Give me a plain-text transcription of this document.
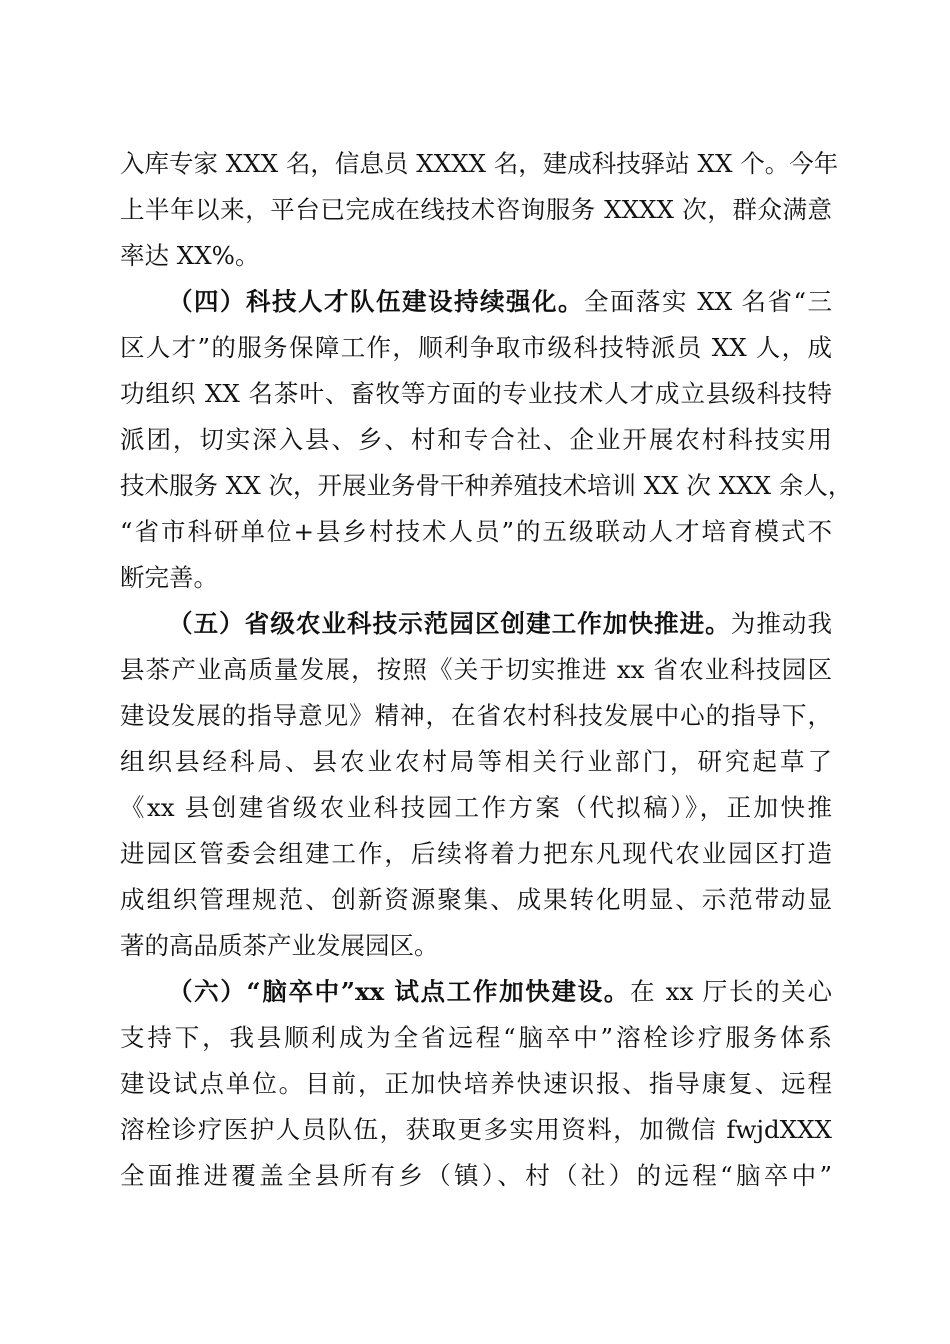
入库专家 XXX 名，信息员 XXXX 名，建成科技驿站 XX 个。今年
上半年以来，平台已完成在线技术咨询服务 XXXX 次，群众满意
率达 XX%。
（四）科技人才队伍建设持续强化。全面落实 XX 名省“三
区人才”的服务保障工作，顺利争取市级科技特派员 XX 人，成
功组织 XX 名茶叶、畜牧等方面的专业技术人才成立县级科技特
派团，切实深入县、乡、村和专合社、企业开展农村科技实用
技术服务 XX 次，开展业务骨干种养殖技术培训 XX 次 XXX 余人，
“省市科研单位+县乡村技术人员”的五级联动人才培育模式不
断完善。
（五）省级农业科技示范园区创建工作加快推进。为推动我
县茶产业高质量发展，按照《关于切实推进 xx 省农业科技园区
建设发展的指导意见》精神，在省农村科技发展中心的指导下，
组织县经科局、县农业农村局等相关行业部门，研究起草了
《xx 县创建省级农业科技园工作方案（代拟稿）》，正加快推
进园区管委会组建工作，后续将着力把东凡现代农业园区打造
成组织管理规范、创新资源聚集、成果转化明显、示范带动显
著的高品质茶产业发展园区。
（六）“脑卒中”xx 试点工作加快建设。在 xx 厅长的关心
支持下，我县顺利成为全省远程“脑卒中”溶栓诊疗服务体系
建设试点单位。目前，正加快培养快速识报、指导康复、远程
溶栓诊疗医护人员队伍，获取更多实用资料，加微信 fwjdXXX
全面推进覆盖全县所有乡（镇）、村（社）的远程“脑卒中”
